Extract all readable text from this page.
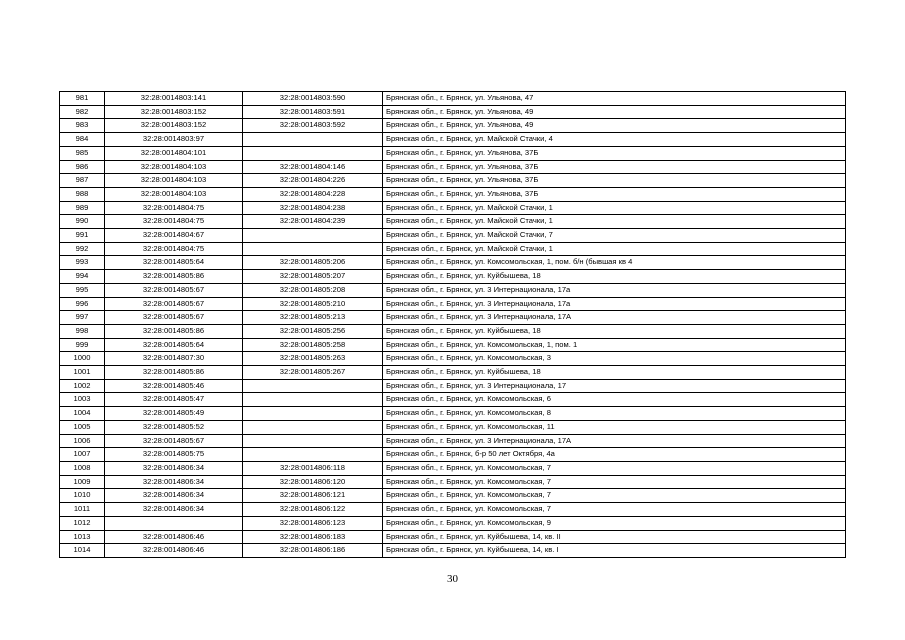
981	32:28:0014803:141	32:28:0014803:590	Брянская обл., г. Брянск, ул. Ульянова, 47
982	32:28:0014803:152	32:28:0014803:591	Брянская обл., г. Брянск, ул. Ульянова, 49
983	32:28:0014803:152	32:28:0014803:592	Брянская обл., г. Брянск, ул. Ульянова, 49
984	32:28:0014803:97		Брянская обл., г. Брянск, ул. Майской Стачки, 4
985	32:28:0014804:101		Брянская обл., г. Брянск, ул. Ульянова, 37Б
986	32:28:0014804:103	32:28:0014804:146	Брянская обл., г. Брянск, ул. Ульянова, 37Б
987	32:28:0014804:103	32:28:0014804:226	Брянская обл., г. Брянск, ул. Ульянова, 37Б
988	32:28:0014804:103	32:28:0014804:228	Брянская обл., г. Брянск, ул. Ульянова, 37Б
989	32:28:0014804:75	32:28:0014804:238	Брянская обл., г. Брянск, ул. Майской Стачки, 1
990	32:28:0014804:75	32:28:0014804:239	Брянская обл., г. Брянск, ул. Майской Стачки, 1
991	32:28:0014804:67		Брянская обл., г. Брянск, ул. Майской Стачки, 7
992	32:28:0014804:75		Брянская обл., г. Брянск, ул. Майской Стачки, 1
993	32:28:0014805:64	32:28:0014805:206	Брянская обл., г. Брянск, ул. Комсомольская, 1, пом. б/н (бывшая кв 4
994	32:28:0014805:86	32:28:0014805:207	Брянская обл., г. Брянск, ул. Куйбышева, 18
995	32:28:0014805:67	32:28:0014805:208	Брянская обл., г. Брянск, ул. 3 Интернационала, 17а
996	32:28:0014805:67	32:28:0014805:210	Брянская обл., г. Брянск, ул. 3 Интернационала, 17а
997	32:28:0014805:67	32:28:0014805:213	Брянская обл., г. Брянск, ул. 3 Интернационала, 17А
998	32:28:0014805:86	32:28:0014805:256	Брянская обл., г. Брянск, ул. Куйбышева, 18
999	32:28:0014805:64	32:28:0014805:258	Брянская обл., г. Брянск, ул. Комсомольская, 1, пом. 1
1000	32:28:0014807:30	32:28:0014805:263	Брянская обл., г. Брянск, ул. Комсомольская, 3
1001	32:28:0014805:86	32:28:0014805:267	Брянская обл., г. Брянск, ул. Куйбышева, 18
1002	32:28:0014805:46		Брянская обл., г. Брянск, ул. 3 Интернационала, 17
1003	32:28:0014805:47		Брянская обл., г. Брянск, ул. Комсомольская, 6
1004	32:28:0014805:49		Брянская обл., г. Брянск, ул. Комсомольская, 8
1005	32:28:0014805:52		Брянская обл., г. Брянск, ул. Комсомольская, 11
1006	32:28:0014805:67		Брянская обл., г. Брянск, ул. 3 Интернационала, 17А
1007	32:28:0014805:75		Брянская обл., г. Брянск, б-р 50 лет Октября, 4а
1008	32:28:0014806:34	32:28:0014806:118	Брянская обл., г. Брянск, ул. Комсомольская, 7
1009	32:28:0014806:34	32:28:0014806:120	Брянская обл., г. Брянск, ул. Комсомольская, 7
1010	32:28:0014806:34	32:28:0014806:121	Брянская обл., г. Брянск, ул. Комсомольская, 7
1011	32:28:0014806:34	32:28:0014806:122	Брянская обл., г. Брянск, ул. Комсомольская, 7
1012		32:28:0014806:123	Брянская обл., г. Брянск, ул. Комсомольская, 9
1013	32:28:0014806:46	32:28:0014806:183	Брянская обл., г. Брянск, ул. Куйбышева, 14, кв. II
1014	32:28:0014806:46	32:28:0014806:186	Брянская обл., г. Брянск, ул. Куйбышева, 14, кв. I
30
